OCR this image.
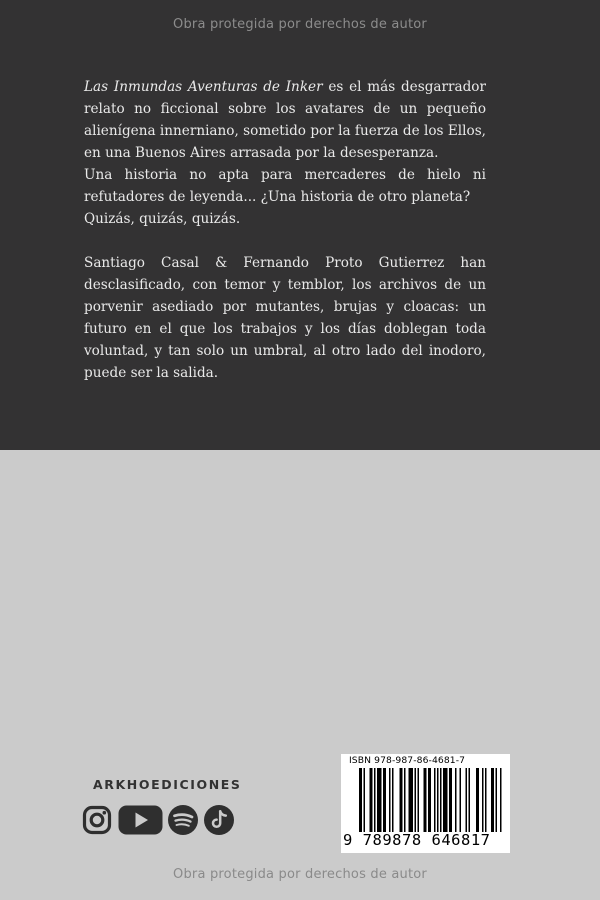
Obra protegida por derechos de autor

Las Inmundas Aventuras de Inker es el más desgarrador relato no ficcional sobre los avatares de un pequeño alienígena innerniano, sometido por la fuerza de los Ellos, en una Buenos Aires arrasada por la desesperanza.

Una historia no apta para mercaderes de hielo ni refutadores de leyenda... ¿Una historia de otro planeta?

Quizás, quizás, quizás.

Santiago Casal & Fernando Proto Gutierrez han desclasificado, con temor y temblor, los archivos de un porvenir asediado por mutantes, brujas y cloacas: un futuro en el que los trabajos y los días doblegan toda voluntad, y tan solo un umbral, al otro lado del inodoro, puede ser la salida.

ARKHOEDICIONES
ISBN 978-987-86-4681-7
9 789878 646817
Obra protegida por derechos de autor
